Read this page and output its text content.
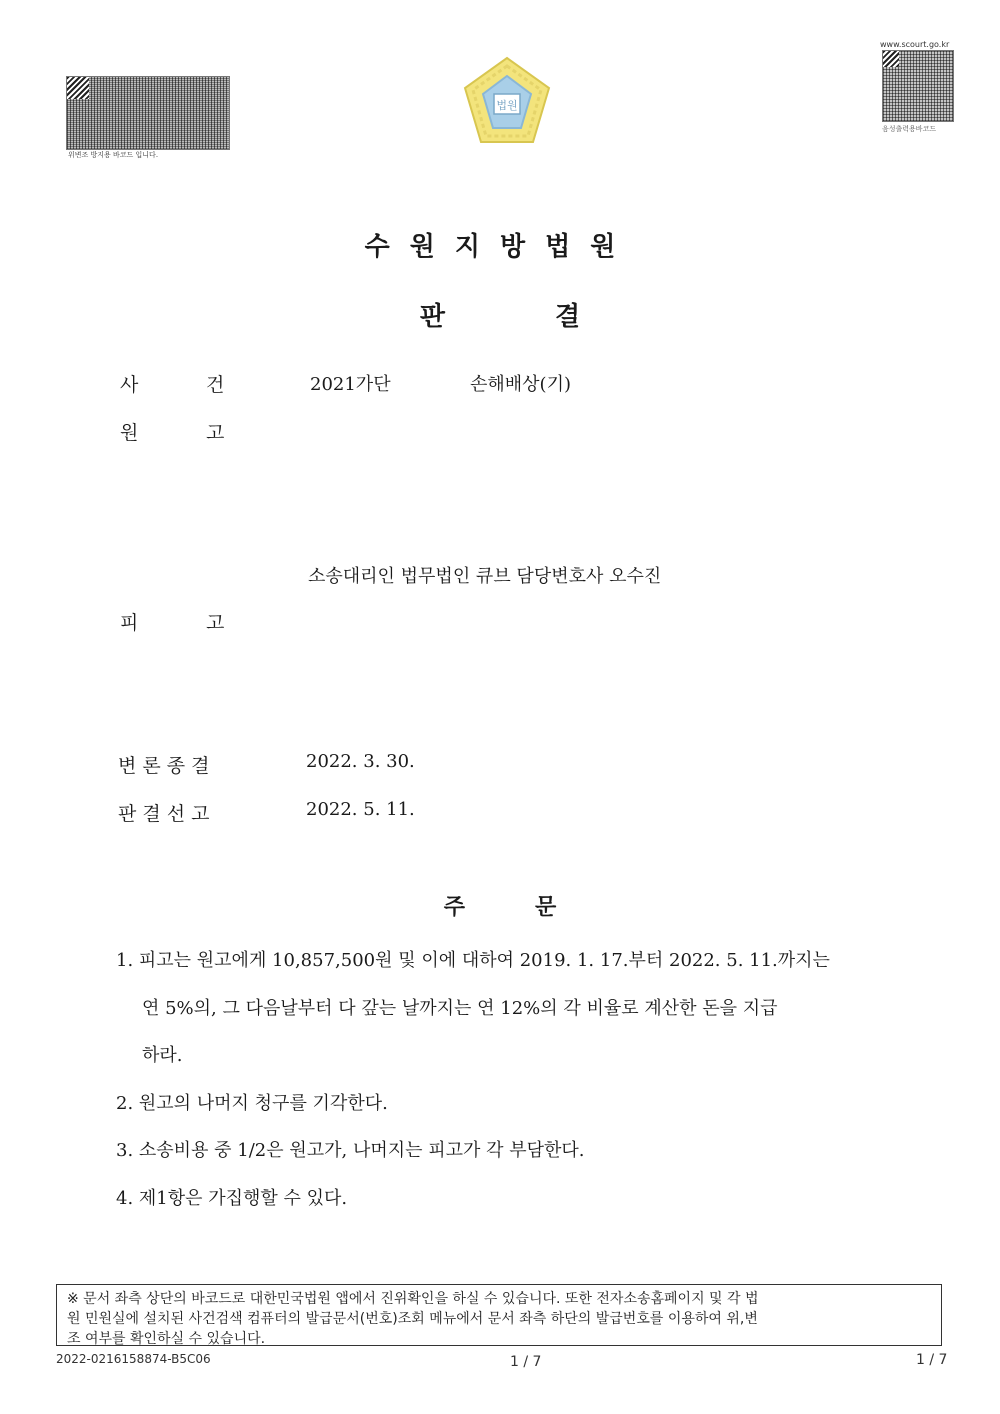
위변조 방지용 바코드 입니다.
www.scourt.go.kr
음성출력용바코드
법원
수원지방법원
판	결
사	건	2021가단	손해배상(기)
원	고
소송대리인 법무법인 큐브 담당변호사 오수진
피	고
변 론 종 결	2022. 3. 30.
판 결 선 고	2022. 5. 11.
주	문
1. 피고는 원고에게 10,857,500원 및 이에 대하여 2019. 1. 17.부터 2022. 5. 11.까지는
연 5%의, 그 다음날부터 다 갚는 날까지는 연 12%의 각 비율로 계산한 돈을 지급
하라.
2. 원고의 나머지 청구를 기각한다.
3. 소송비용 중 1/2은 원고가, 나머지는 피고가 각 부담한다.
4. 제1항은 가집행할 수 있다.
※ 문서 좌측 상단의 바코드로 대한민국법원 앱에서 진위확인을 하실 수 있습니다. 또한 전자소송홈페이지 및 각 법
원 민원실에 설치된 사건검색 컴퓨터의 발급문서(번호)조회 메뉴에서 문서 좌측 하단의 발급번호를 이용하여 위,변
조 여부를 확인하실 수 있습니다.
2022-0216158874-B5C06	1 / 7	1 / 7
